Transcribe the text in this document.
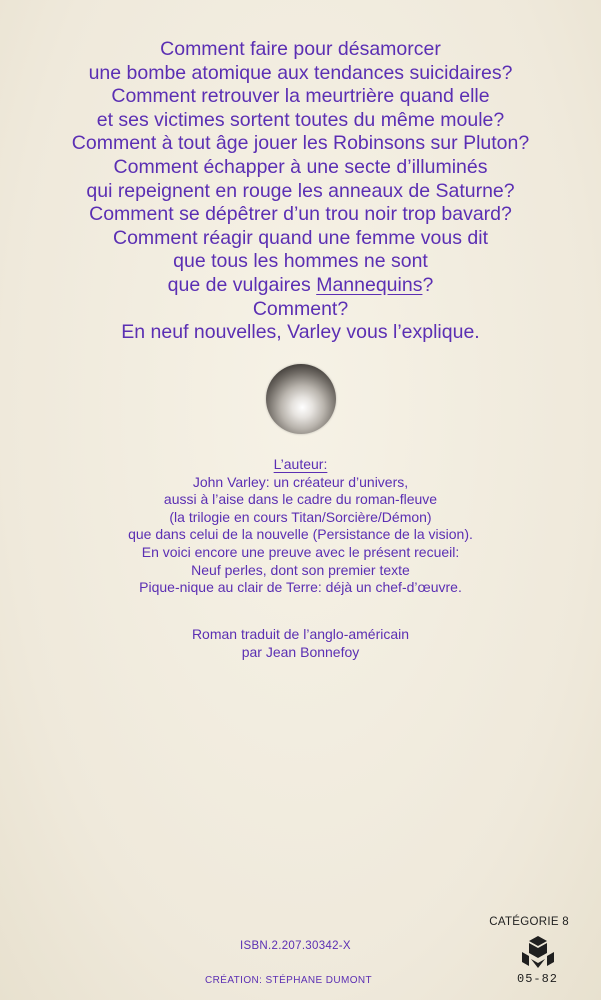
Comment faire pour désamorcer
une bombe atomique aux tendances suicidaires?
Comment retrouver la meurtrière quand elle
et ses victimes sortent toutes du même moule?
Comment à tout âge jouer les Robinsons sur Pluton?
Comment échapper à une secte d’illuminés
qui repeignent en rouge les anneaux de Saturne?
Comment se dépêtrer d’un trou noir trop bavard?
Comment réagir quand une femme vous dit
que tous les hommes ne sont
que de vulgaires Mannequins?
Comment?
En neuf nouvelles, Varley vous l’explique.
L’auteur:
John Varley: un créateur d’univers,
aussi à l’aise dans le cadre du roman-fleuve
(la trilogie en cours Titan/Sorcière/Démon)
que dans celui de la nouvelle (Persistance de la vision).
En voici encore une preuve avec le présent recueil:
Neuf perles, dont son premier texte
Pique-nique au clair de Terre: déjà un chef-d’œuvre.
Roman traduit de l’anglo-américain
par Jean Bonnefoy
CATÉGORIE 8
05-82
ISBN.2.207.30342-X
CRÉATION: STÉPHANE DUMONT
